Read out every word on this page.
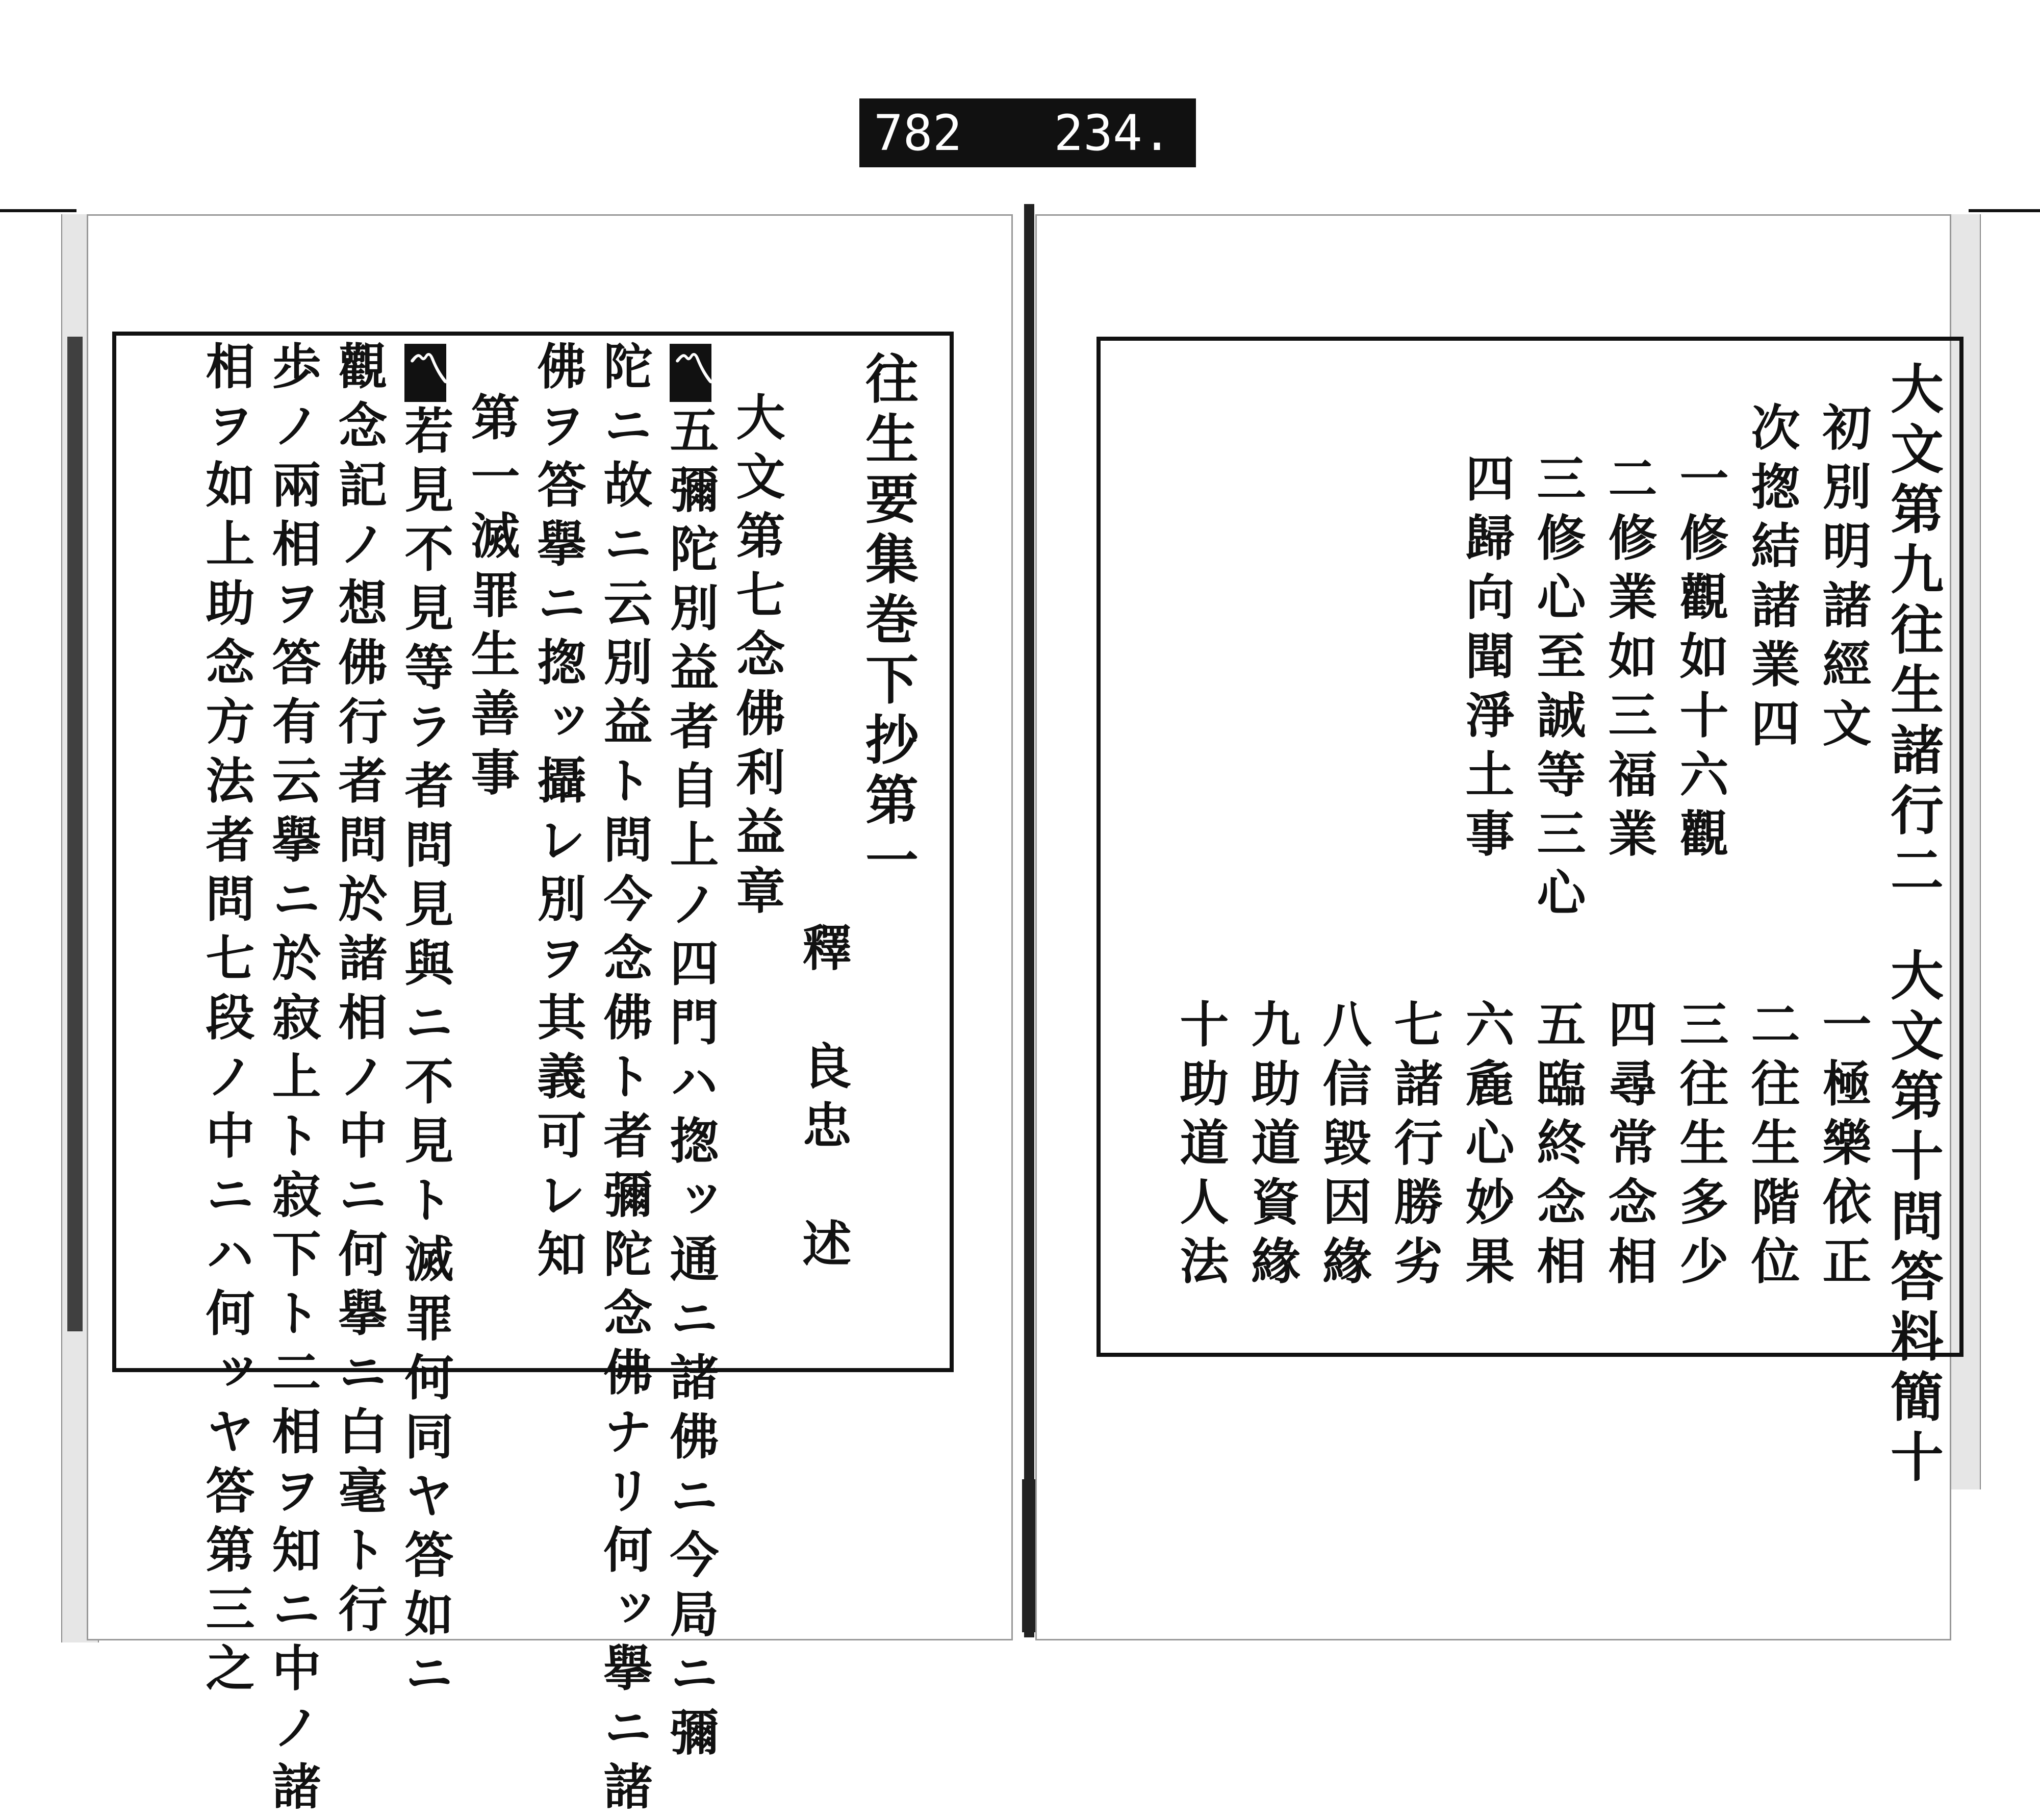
782 234.
往生要集巻下抄第一
釋　良忠　述
大文第七念佛利益章
〽五彌陀別益者自上ノ四門ハ揔ッ通ニ諸佛ニ今局ニ彌
陀ニ故ニ云別益ト問今念佛ト者彌陀念佛ナリ何ッ擧ニ諸
佛ヲ答擧ニ揔ッ攝レ別ヲ其義可レ知
第一滅罪生善事
〽若見不見等ラ者問見與ニ不見ト滅罪何同ヤ答如ニ
觀念記ノ想佛行者問於諸相ノ中ニ何擧ニ白毫ト行
歩ノ兩相ヲ答有云擧ニ於寂上ト寂下ト二相ヲ知ニ中ノ諸
相ヲ如上助念方法者問七段ノ中ニハ何ッヤ答第三之	大文第九往生諸行二
初別明諸經文
次揔結諸業四
一修觀如十六觀
二修業如三福業
三修心至誠等三心
四歸向聞淨土事
大文第十問答料簡十
一極樂依正
二往生階位
三往生多少
四尋常念相
五臨終念相
六麁心妙果
七諸行勝劣
八信毀因緣
九助道資緣
十助道人法
